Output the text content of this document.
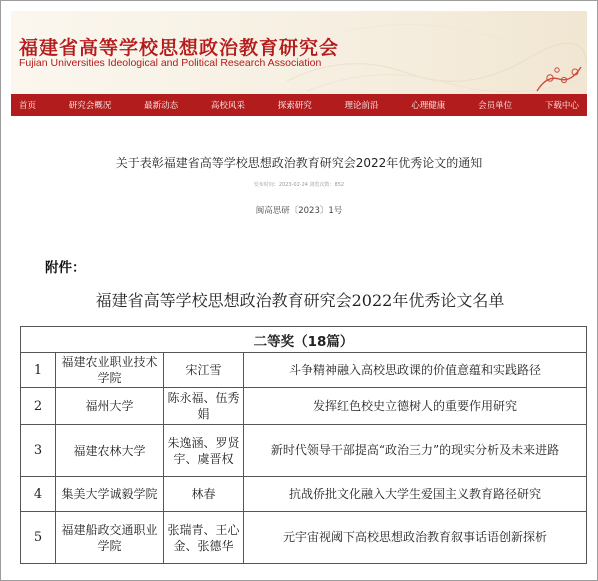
福建省高等学校思想政治教育研究会
Fujian Universities Ideological and Political Research Association
首页	研究会概况	最新动态	高校风采	探索研究	理论前沿	心理健康	会员单位	下载中心
关于表彰福建省高等学校思想政治教育研究会2022年优秀论文的通知
发布时间：2023-02-24 浏览次数：852
闽高思研〔2023〕1号
附件：
福建省高等学校思想政治教育研究会2022年优秀论文名单
二等奖（18篇）			
1	福建农业职业技术学院	宋江雪	斗争精神融入高校思政课的价值意蕴和实践路径
2	福州大学	陈永福、伍秀娟	发挥红色校史立德树人的重要作用研究
3	福建农林大学	朱逸涵、罗贤宇、虞晋权	新时代领导干部提高“政治三力”的现实分析及未来进路
4	集美大学诚毅学院	林春	抗战侨批文化融入大学生爱国主义教育路径研究
5	福建船政交通职业学院	张瑞青、王心金、张德华	元宇宙视阈下高校思想政治教育叙事话语创新探析
